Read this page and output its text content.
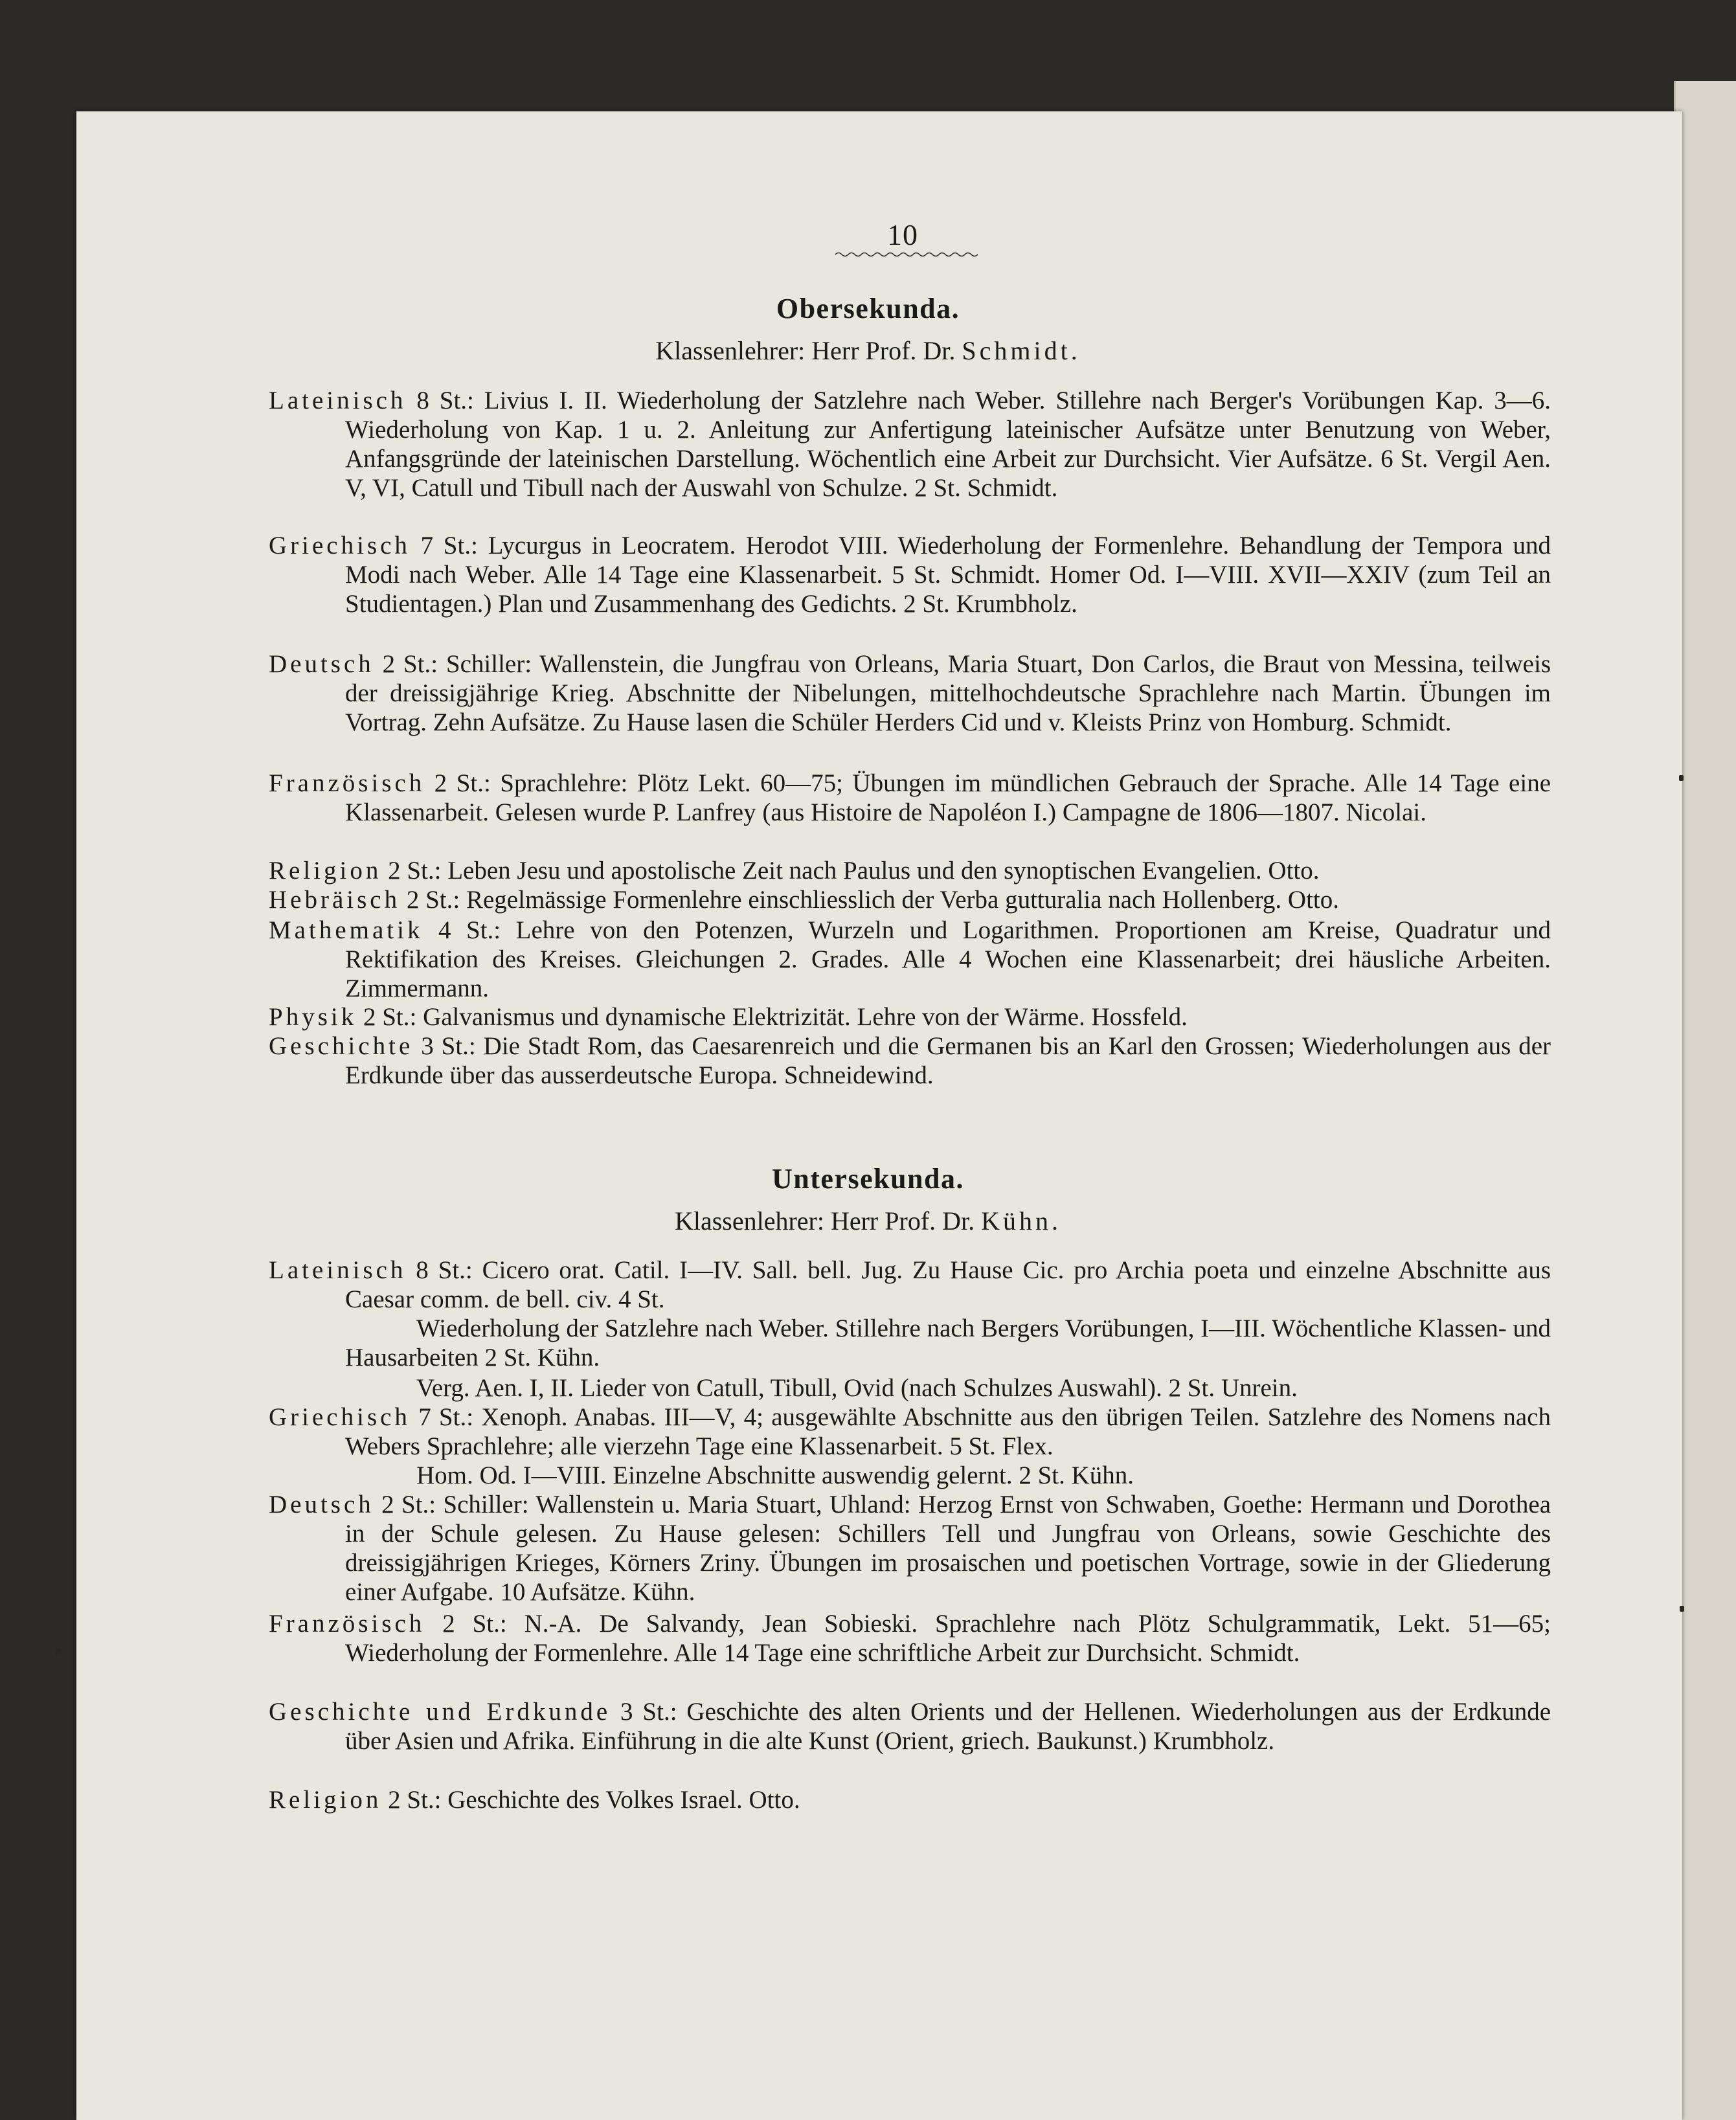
10
Obersekunda.
Klassenlehrer: Herr Prof. Dr. Schmidt.
Lateinisch 8 St.: Livius I. II. Wiederholung der Satzlehre nach Weber. Stillehre nach Berger's Vorübungen Kap. 3—6. Wiederholung von Kap. 1 u. 2. Anleitung zur Anfertigung lateinischer Aufsätze unter Benutzung von Weber, Anfangsgründe der lateinischen Darstellung. Wöchentlich eine Arbeit zur Durchsicht. Vier Aufsätze. 6 St. Vergil Aen. V, VI, Catull und Tibull nach der Auswahl von Schulze. 2 St. Schmidt.
Griechisch 7 St.: Lycurgus in Leocratem. Herodot VIII. Wiederholung der Formenlehre. Behandlung der Tempora und Modi nach Weber. Alle 14 Tage eine Klassenarbeit. 5 St. Schmidt. Homer Od. I—VIII. XVII—XXIV (zum Teil an Studientagen.) Plan und Zusammenhang des Gedichts. 2 St. Krumbholz.
Deutsch 2 St.: Schiller: Wallenstein, die Jungfrau von Orleans, Maria Stuart, Don Carlos, die Braut von Messina, teilweis der dreissigjährige Krieg. Abschnitte der Nibelungen, mittelhochdeutsche Sprachlehre nach Martin. Übungen im Vortrag. Zehn Aufsätze. Zu Hause lasen die Schüler Herders Cid und v. Kleists Prinz von Homburg. Schmidt.
Französisch 2 St.: Sprachlehre: Plötz Lekt. 60—75; Übungen im mündlichen Gebrauch der Sprache. Alle 14 Tage eine Klassenarbeit. Gelesen wurde P. Lanfrey (aus Histoire de Napoléon I.) Campagne de 1806—1807. Nicolai.
Religion 2 St.: Leben Jesu und apostolische Zeit nach Paulus und den synoptischen Evangelien. Otto.
Hebräisch 2 St.: Regelmässige Formenlehre einschliesslich der Verba gutturalia nach Hollenberg. Otto.
Mathematik 4 St.: Lehre von den Potenzen, Wurzeln und Logarithmen. Proportionen am Kreise, Quadratur und Rektifikation des Kreises. Gleichungen 2. Grades. Alle 4 Wochen eine Klassenarbeit; drei häusliche Arbeiten. Zimmermann.
Physik 2 St.: Galvanismus und dynamische Elektrizität. Lehre von der Wärme. Hossfeld.
Geschichte 3 St.: Die Stadt Rom, das Caesarenreich und die Germanen bis an Karl den Grossen; Wiederholungen aus der Erdkunde über das ausserdeutsche Europa. Schneidewind.
Untersekunda.
Klassenlehrer: Herr Prof. Dr. Kühn.
Lateinisch 8 St.: Cicero orat. Catil. I—IV. Sall. bell. Jug. Zu Hause Cic. pro Archia poeta und einzelne Abschnitte aus Caesar comm. de bell. civ. 4 St.
Wiederholung der Satzlehre nach Weber. Stillehre nach Bergers Vorübungen, I—III. Wöchentliche Klassen- und Hausarbeiten 2 St. Kühn.
Verg. Aen. I, II. Lieder von Catull, Tibull, Ovid (nach Schulzes Auswahl). 2 St. Unrein.
Griechisch 7 St.: Xenoph. Anabas. III—V, 4; ausgewählte Abschnitte aus den übrigen Teilen. Satzlehre des Nomens nach Webers Sprachlehre; alle vierzehn Tage eine Klassenarbeit. 5 St. Flex.
Hom. Od. I—VIII. Einzelne Abschnitte auswendig gelernt. 2 St. Kühn.
Deutsch 2 St.: Schiller: Wallenstein u. Maria Stuart, Uhland: Herzog Ernst von Schwaben, Goethe: Hermann und Dorothea in der Schule gelesen. Zu Hause gelesen: Schillers Tell und Jungfrau von Orleans, sowie Geschichte des dreissigjährigen Krieges, Körners Zriny. Übungen im prosaischen und poetischen Vortrage, sowie in der Gliederung einer Aufgabe. 10 Aufsätze. Kühn.
Französisch 2 St.: N.-A. De Salvandy, Jean Sobieski. Sprachlehre nach Plötz Schulgrammatik, Lekt. 51—65; Wiederholung der Formenlehre. Alle 14 Tage eine schriftliche Arbeit zur Durchsicht. Schmidt.
Geschichte und Erdkunde 3 St.: Geschichte des alten Orients und der Hellenen. Wiederholungen aus der Erdkunde über Asien und Afrika. Einführung in die alte Kunst (Orient, griech. Baukunst.) Krumbholz.
Religion 2 St.: Geschichte des Volkes Israel. Otto.
